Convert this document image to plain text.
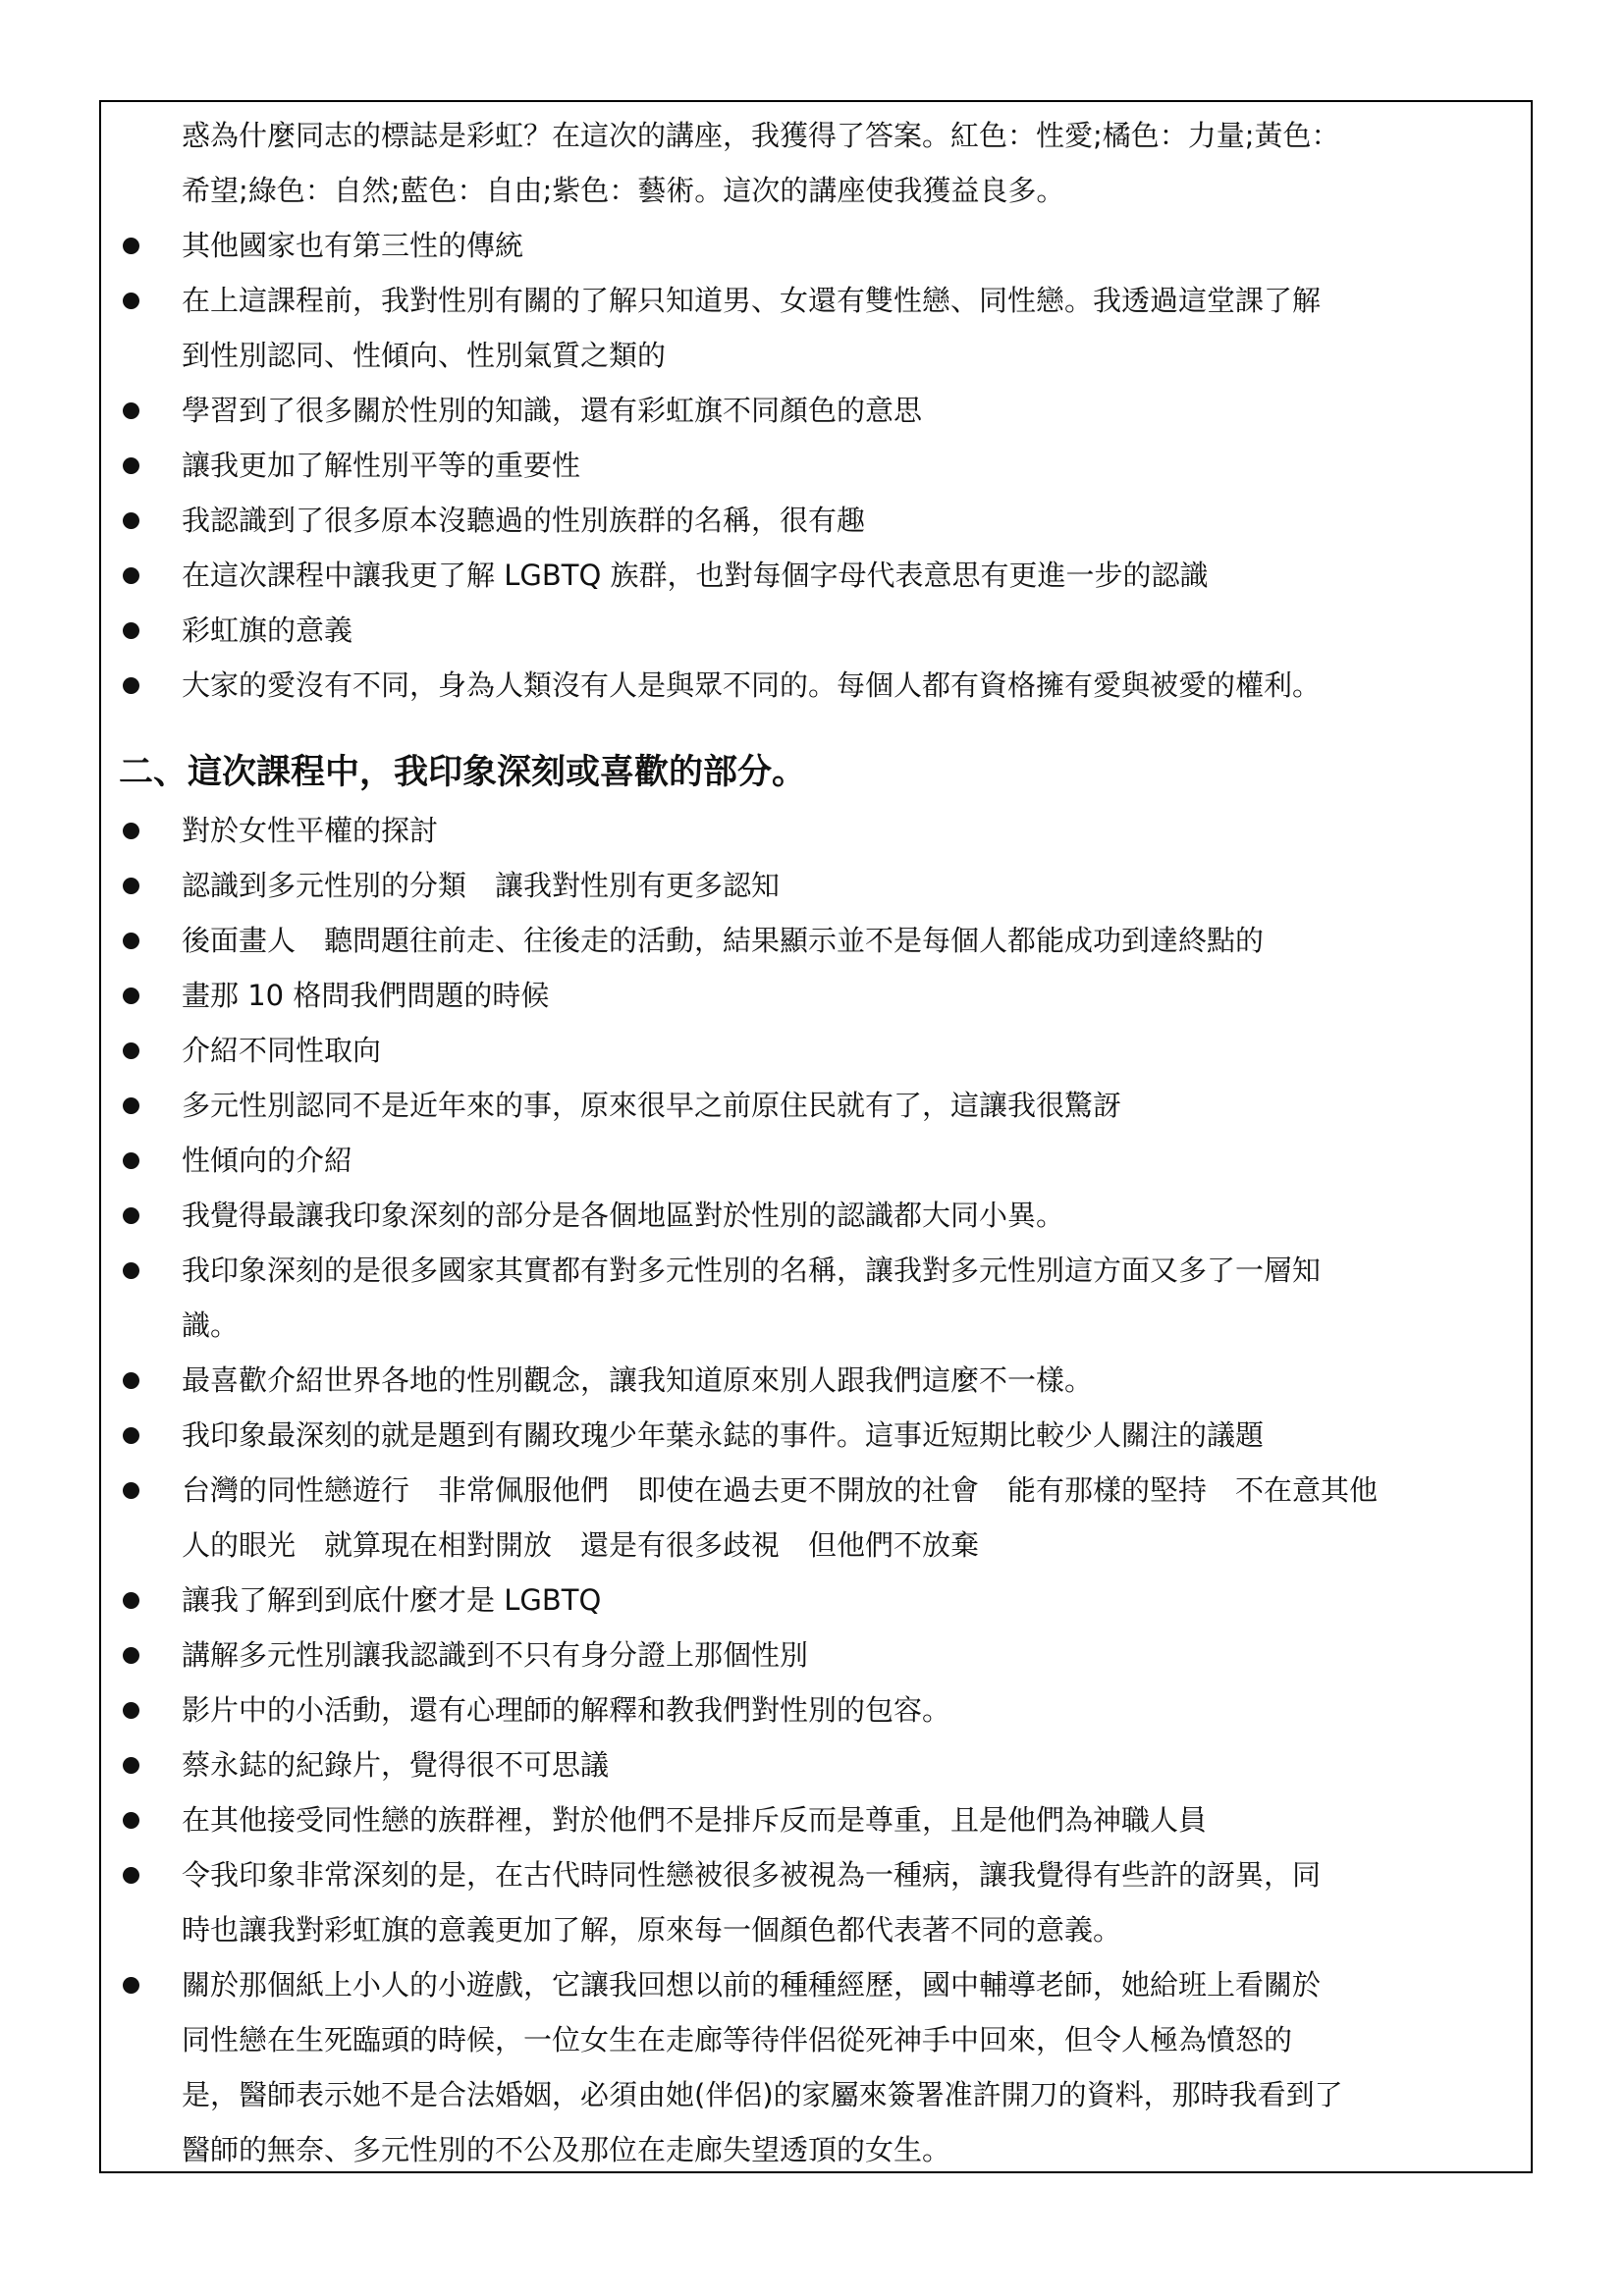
惑為什麼同志的標誌是彩虹？在這次的講座，我獲得了答案。紅色：性愛;橘色：力量;黃色：
希望;綠色：自然;藍色：自由;紫色：藝術。這次的講座使我獲益良多。
其他國家也有第三性的傳統
在上這課程前，我對性別有關的了解只知道男、女還有雙性戀、同性戀。我透過這堂課了解
到性別認同、性傾向、性別氣質之類的
學習到了很多關於性別的知識，還有彩虹旗不同顏色的意思
讓我更加了解性別平等的重要性
我認識到了很多原本沒聽過的性別族群的名稱，很有趣
在這次課程中讓我更了解 LGBTQ 族群，也對每個字母代表意思有更進一步的認識
彩虹旗的意義
大家的愛沒有不同，身為人類沒有人是與眾不同的。每個人都有資格擁有愛與被愛的權利。
二、這次課程中，我印象深刻或喜歡的部分。
對於女性平權的探討
認識到多元性別的分類　讓我對性別有更多認知
後面畫人　聽問題往前走、往後走的活動，結果顯示並不是每個人都能成功到達終點的
畫那 10 格問我們問題的時候
介紹不同性取向
多元性別認同不是近年來的事，原來很早之前原住民就有了，這讓我很驚訝
性傾向的介紹
我覺得最讓我印象深刻的部分是各個地區對於性別的認識都大同小異。
我印象深刻的是很多國家其實都有對多元性別的名稱，讓我對多元性別這方面又多了一層知
識。
最喜歡介紹世界各地的性別觀念，讓我知道原來別人跟我們這麼不一樣。
我印象最深刻的就是題到有關玫瑰少年葉永鋕的事件。這事近短期比較少人關注的議題
台灣的同性戀遊行　非常佩服他們　即使在過去更不開放的社會　能有那樣的堅持　不在意其他
人的眼光　就算現在相對開放　還是有很多歧視　但他們不放棄
讓我了解到到底什麼才是 LGBTQ
講解多元性別讓我認識到不只有身分證上那個性別
影片中的小活動，還有心理師的解釋和教我們對性別的包容。
蔡永鋕的紀錄片，覺得很不可思議
在其他接受同性戀的族群裡，對於他們不是排斥反而是尊重，且是他們為神職人員
令我印象非常深刻的是，在古代時同性戀被很多被視為一種病，讓我覺得有些許的訝異，同
時也讓我對彩虹旗的意義更加了解，原來每一個顏色都代表著不同的意義。
關於那個紙上小人的小遊戲，它讓我回想以前的種種經歷，國中輔導老師，她給班上看關於
同性戀在生死臨頭的時候，一位女生在走廊等待伴侶從死神手中回來，但令人極為憤怒的
是，醫師表示她不是合法婚姻，必須由她(伴侶)的家屬來簽署准許開刀的資料，那時我看到了
醫師的無奈、多元性別的不公及那位在走廊失望透頂的女生。
